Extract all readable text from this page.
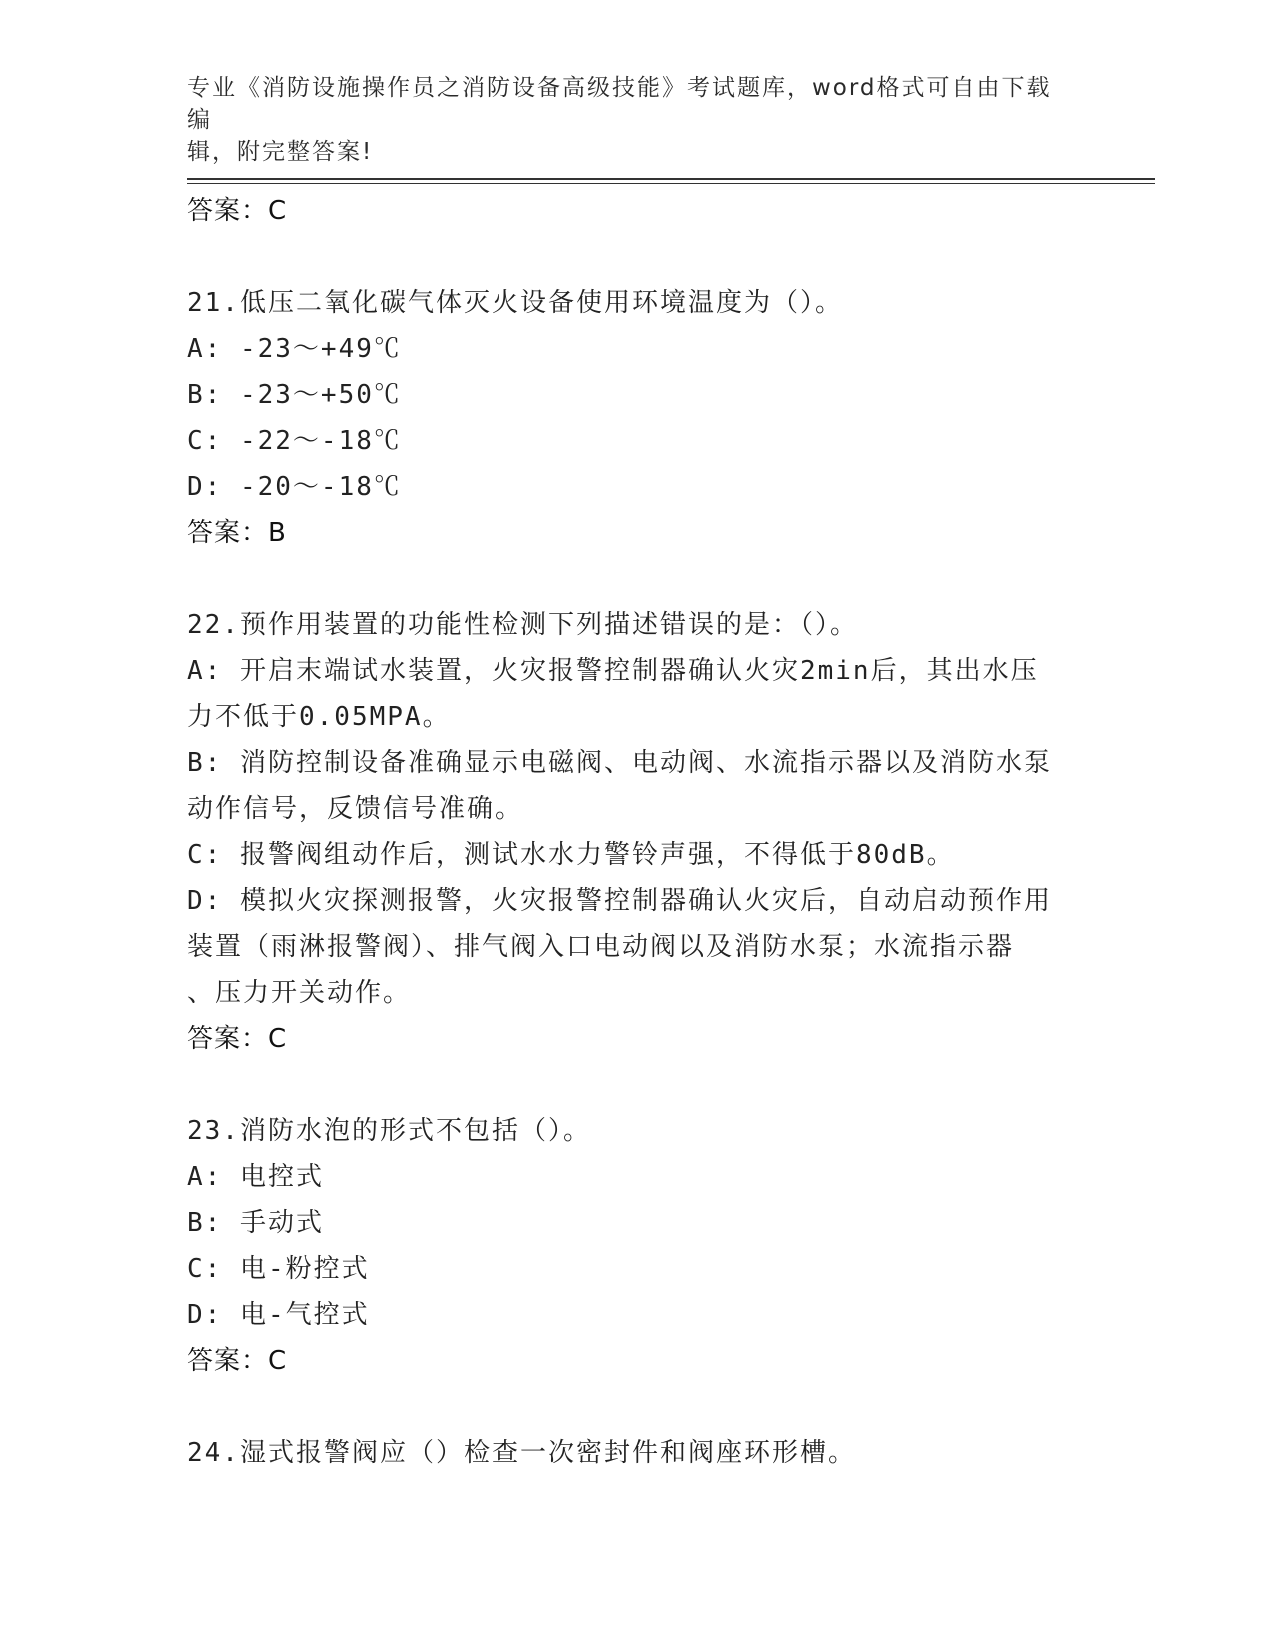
专业《消防设施操作员之消防设备高级技能》考试题库，word格式可自由下载编
辑，附完整答案!
答案：C
21.低压二氧化碳气体灭火设备使用环境温度为（）。
A: -23～+49℃
B: -23～+50℃
C: -22～-18℃
D: -20～-18℃
答案：B
22.预作用装置的功能性检测下列描述错误的是：（）。
A: 开启末端试水装置，火灾报警控制器确认火灾2min后，其出水压
力不低于0.05MPA。
B: 消防控制设备准确显示电磁阀、电动阀、水流指示器以及消防水泵
动作信号，反馈信号准确。
C: 报警阀组动作后，测试水水力警铃声强，不得低于80dB。
D: 模拟火灾探测报警，火灾报警控制器确认火灾后，自动启动预作用
装置（雨淋报警阀）、排气阀入口电动阀以及消防水泵；水流指示器
、压力开关动作。
答案：C
23.消防水泡的形式不包括（）。
A: 电控式
B: 手动式
C: 电-粉控式
D: 电-气控式
答案：C
24.湿式报警阀应（）检查一次密封件和阀座环形槽。
